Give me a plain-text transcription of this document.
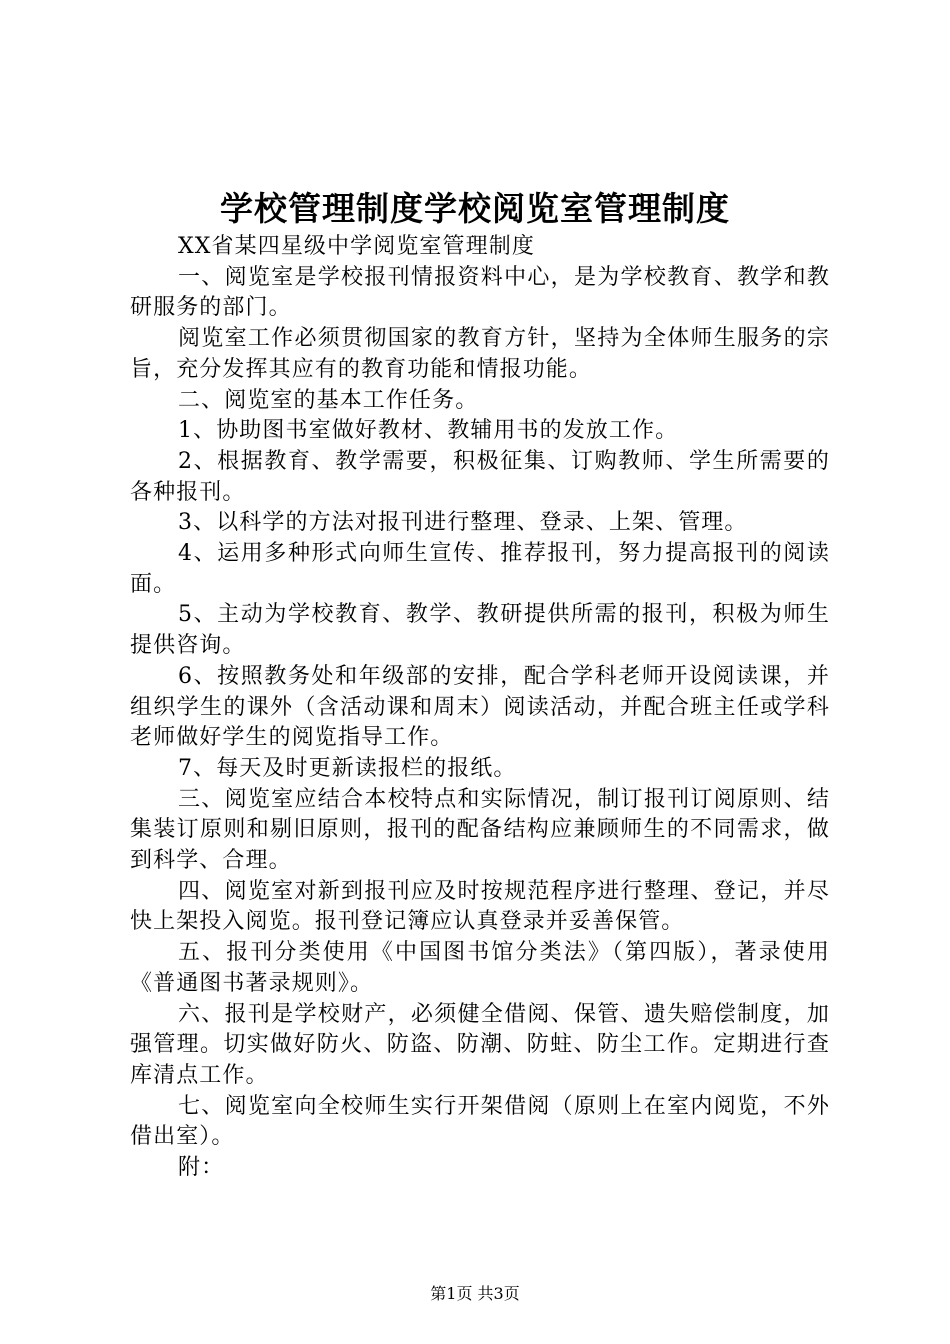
学校管理制度学校阅览室管理制度

XX省某四星级中学阅览室管理制度

一、阅览室是学校报刊情报资料中心，是为学校教育、教学和教研服务的部门。

阅览室工作必须贯彻国家的教育方针，坚持为全体师生服务的宗旨，充分发挥其应有的教育功能和情报功能。

二、阅览室的基本工作任务。

1、协助图书室做好教材、教辅用书的发放工作。

2、根据教育、教学需要，积极征集、订购教师、学生所需要的各种报刊。

3、以科学的方法对报刊进行整理、登录、上架、管理。

4、运用多种形式向师生宣传、推荐报刊，努力提高报刊的阅读面。

5、主动为学校教育、教学、教研提供所需的报刊，积极为师生提供咨询。

6、按照教务处和年级部的安排，配合学科老师开设阅读课，并组织学生的课外（含活动课和周末）阅读活动，并配合班主任或学科老师做好学生的阅览指导工作。

7、每天及时更新读报栏的报纸。

三、阅览室应结合本校特点和实际情况，制订报刊订阅原则、结集装订原则和剔旧原则，报刊的配备结构应兼顾师生的不同需求，做到科学、合理。

四、阅览室对新到报刊应及时按规范程序进行整理、登记，并尽快上架投入阅览。报刊登记簿应认真登录并妥善保管。

五、报刊分类使用《中国图书馆分类法》（第四版），著录使用《普通图书著录规则》。

六、报刊是学校财产，必须健全借阅、保管、遗失赔偿制度，加强管理。切实做好防火、防盗、防潮、防蛀、防尘工作。定期进行查库清点工作。

七、阅览室向全校师生实行开架借阅（原则上在室内阅览，不外借出室）。

附：

第1页 共3页
